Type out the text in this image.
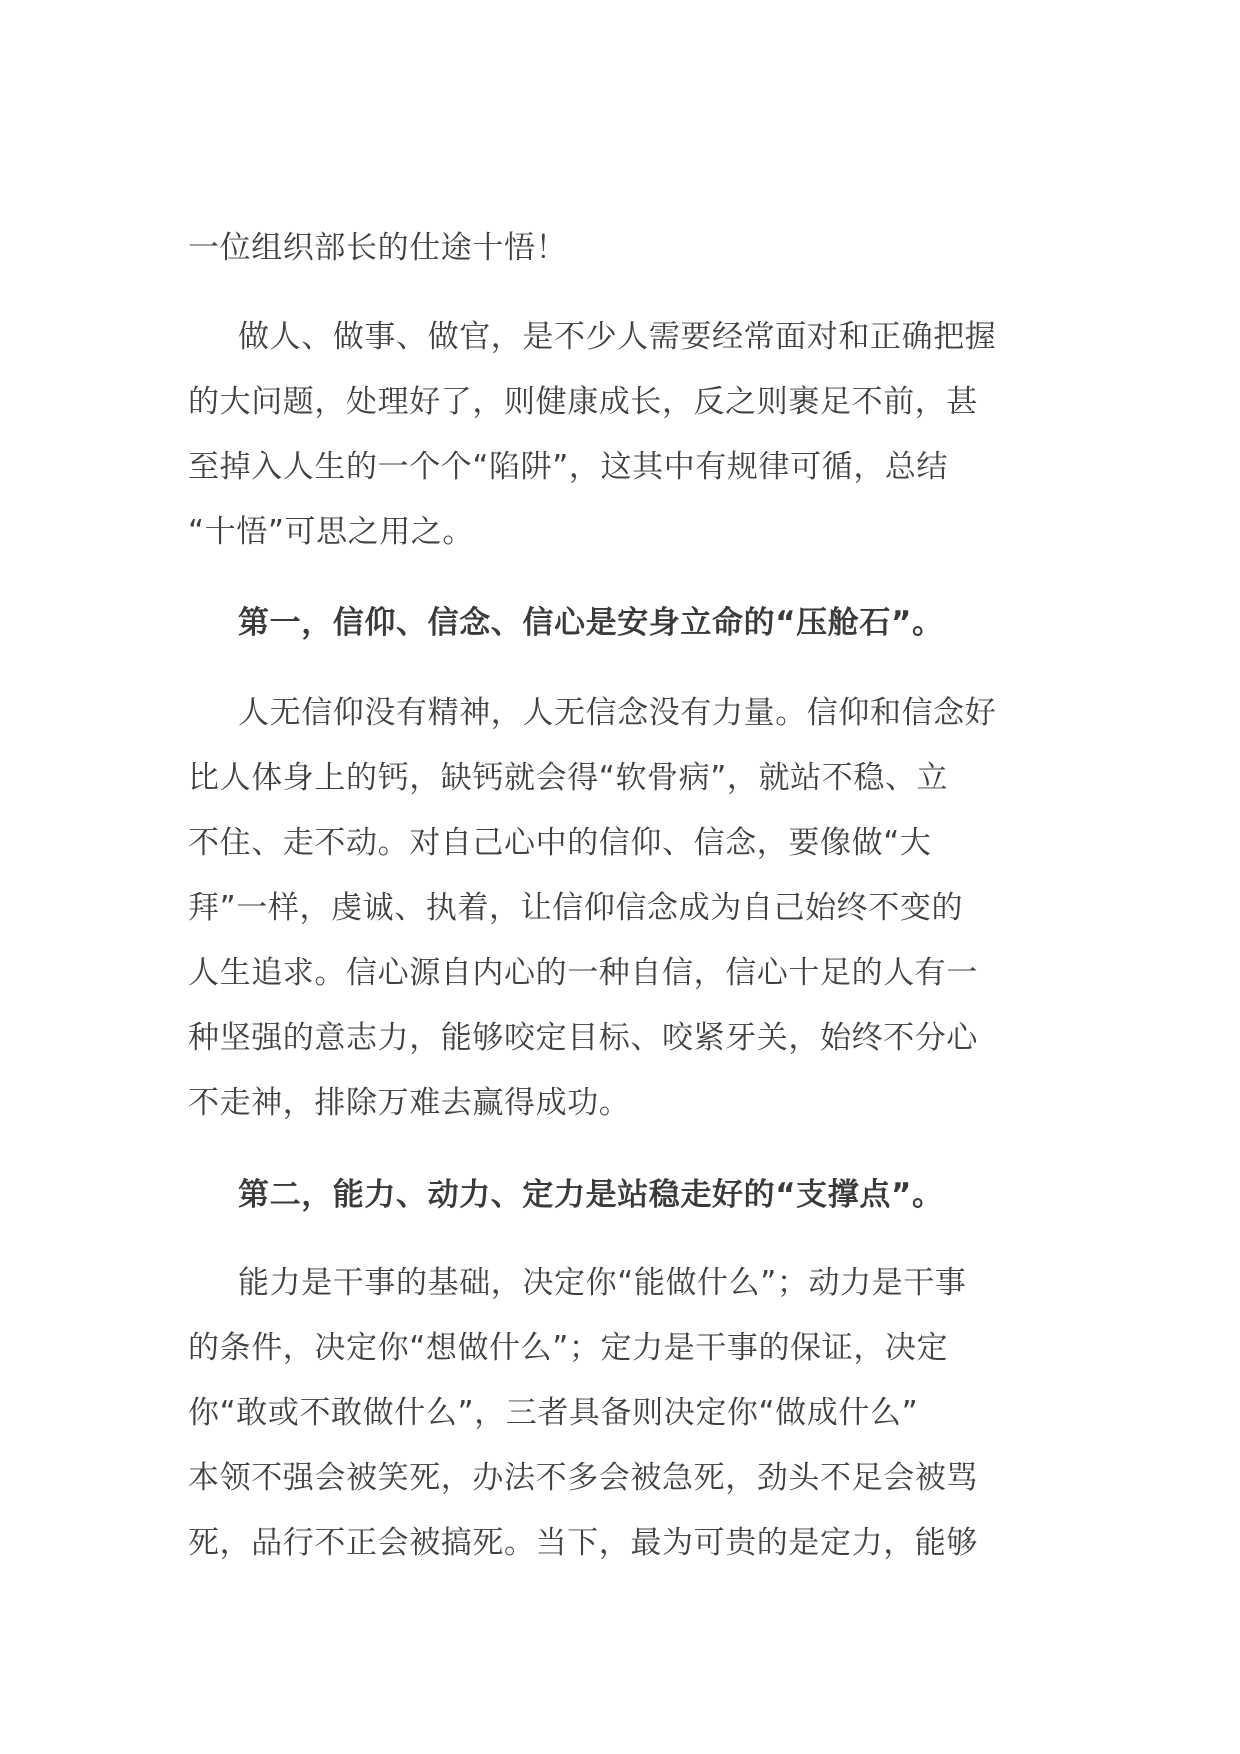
一位组织部长的仕途十悟！
做人、做事、做官，是不少人需要经常面对和正确把握
的大问题，处理好了，则健康成长，反之则裹足不前，甚
至掉入人生的一个个“陷阱”，这其中有规律可循，总结
“十悟”可思之用之。
第一，信仰、信念、信心是安身立命的“压舱石”。
人无信仰没有精神，人无信念没有力量。信仰和信念好
比人体身上的钙，缺钙就会得“软骨病”，就站不稳、立
不住、走不动。对自己心中的信仰、信念，要像做“大
拜”一样，虔诚、执着，让信仰信念成为自己始终不变的
人生追求。信心源自内心的一种自信，信心十足的人有一
种坚强的意志力，能够咬定目标、咬紧牙关，始终不分心
不走神，排除万难去赢得成功。
第二，能力、动力、定力是站稳走好的“支撑点”。
能力是干事的基础，决定你“能做什么”；动力是干事
的条件，决定你“想做什么”；定力是干事的保证，决定
你“敢或不敢做什么”，三者具备则决定你“做成什么”
本领不强会被笑死，办法不多会被急死，劲头不足会被骂
死，品行不正会被搞死。当下，最为可贵的是定力，能够
